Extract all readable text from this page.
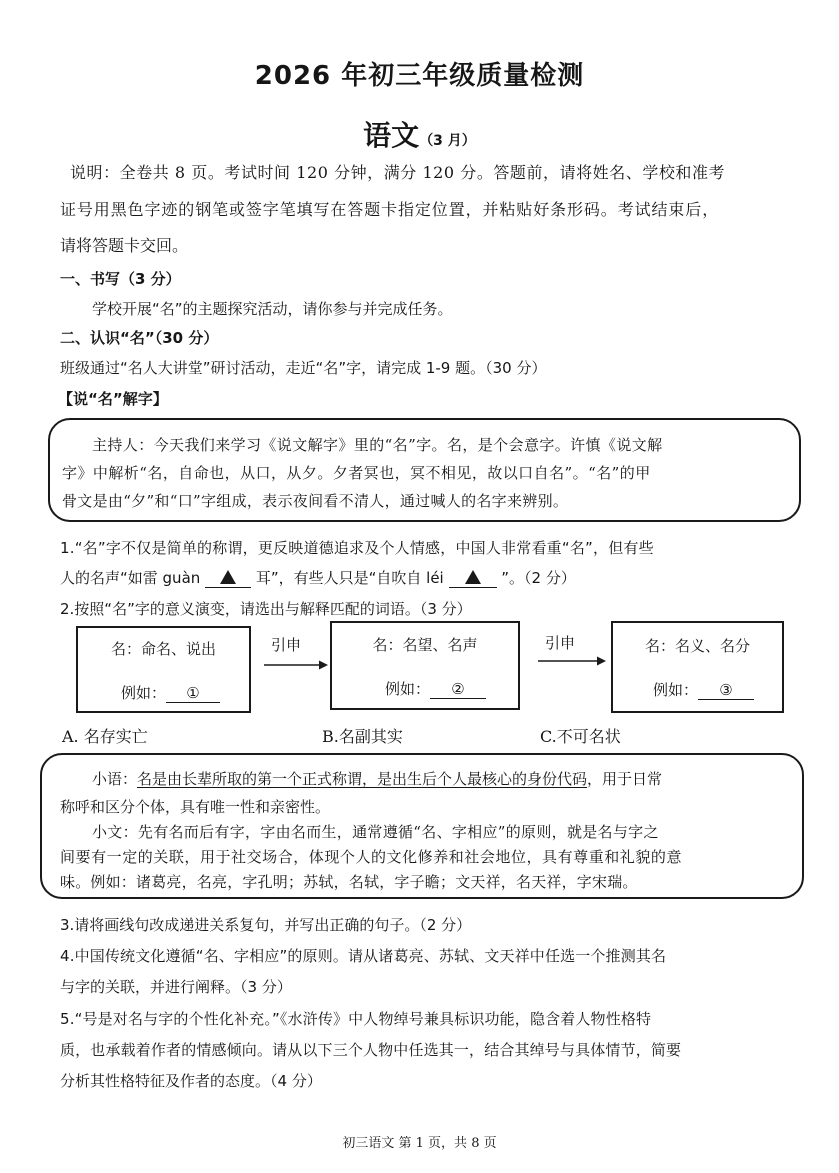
2026 年初三年级质量检测
语文（3 月）
说明：全卷共 8 页。考试时间 120 分钟，满分 120 分。答题前，请将姓名、学校和准考
证号用黑色字迹的钢笔或签字笔填写在答题卡指定位置，并粘贴好条形码。考试结束后，
请将答题卡交回。
一、书写（3 分）
学校开展“名”的主题探究活动，请你参与并完成任务。
二、认识“名”（30 分）
班级通过“名人大讲堂”研讨活动，走近“名”字，请完成 1-9 题。（30 分）
【说“名”解字】
主持人：今天我们来学习《说文解字》里的“名”字。名，是个会意字。许慎《说文解
字》中解析“名，自命也，从口，从夕。夕者冥也，冥不相见，故以口自名”。“名”的甲
骨文是由“夕”和“口”字组成，表示夜间看不清人，通过喊人的名字来辨别。
1.“名”字不仅是简单的称谓，更反映道德追求及个人情感，中国人非常看重“名”，但有些
人的名声“如雷 guàn	耳”，有些人只是“自吹自 léi	”。（2 分）
2.按照“名”字的意义演变，请选出与解释匹配的词语。（3 分）
名：命名、说出
例如： ①
引申	名：名望、名声
例如： ②
引申	名：名义、名分
例如： ③
A. 名存实亡	B.名副其实	C.不可名状
小语：名是由长辈所取的第一个正式称谓，是出生后个人最核心的身份代码，用于日常
称呼和区分个体，具有唯一性和亲密性。
小文：先有名而后有字，字由名而生，通常遵循“名、字相应”的原则，就是名与字之
间要有一定的关联，用于社交场合，体现个人的文化修养和社会地位，具有尊重和礼貌的意
味。例如：诸葛亮，名亮，字孔明；苏轼，名轼，字子瞻；文天祥，名天祥，字宋瑞。
3.请将画线句改成递进关系复句，并写出正确的句子。（2 分）
4.中国传统文化遵循“名、字相应”的原则。请从诸葛亮、苏轼、文天祥中任选一个推测其名
与字的关联，并进行阐释。（3 分）
5.“号是对名与字的个性化补充。”《水浒传》中人物绰号兼具标识功能，隐含着人物性格特
质，也承载着作者的情感倾向。请从以下三个人物中任选其一，结合其绰号与具体情节，简要
分析其性格特征及作者的态度。（4 分）
初三语文 第 1 页，共 8 页
